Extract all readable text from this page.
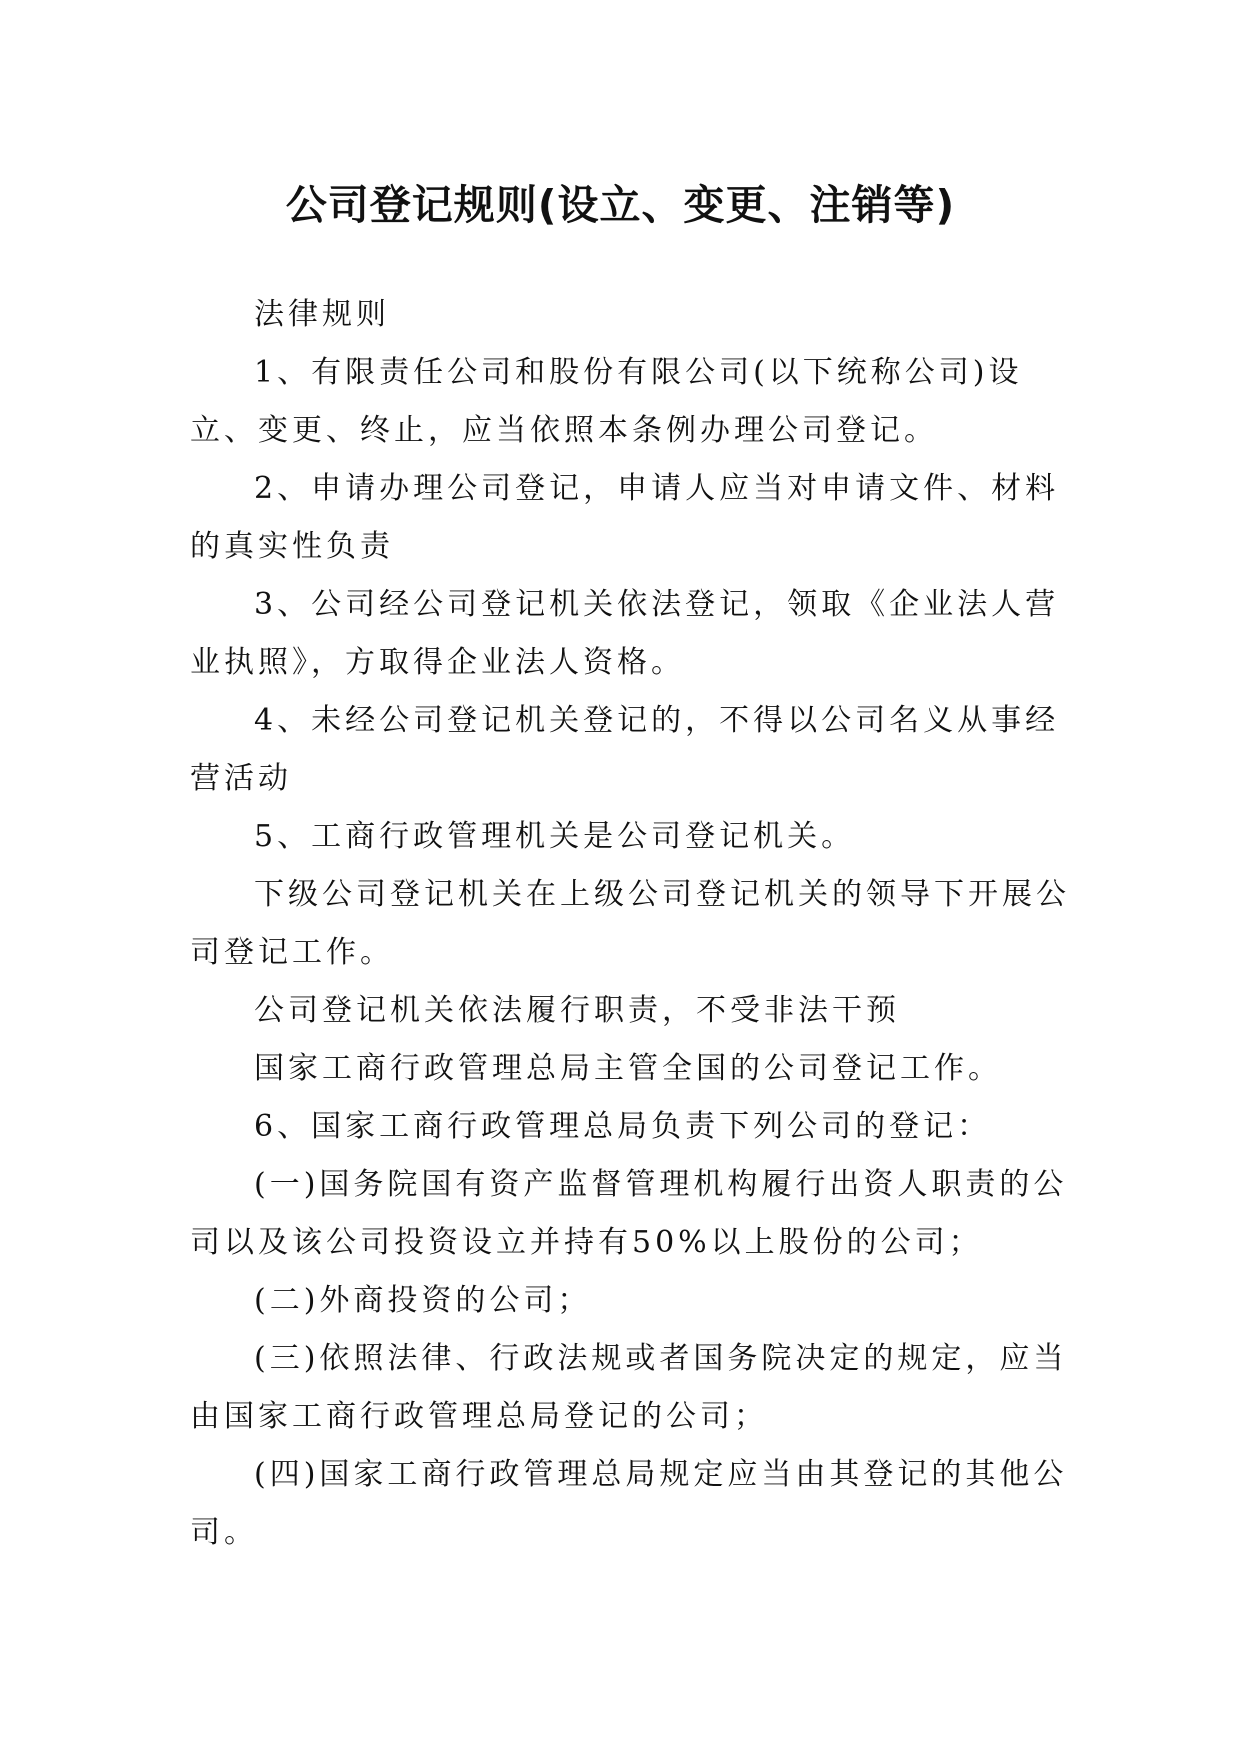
公司登记规则(设立、变更、注销等)

法律规则

1、有限责任公司和股份有限公司(以下统称公司)设立、变更、终止，应当依照本条例办理公司登记。

2、申请办理公司登记，申请人应当对申请文件、材料的真实性负责

3、公司经公司登记机关依法登记，领取《企业法人营业执照》，方取得企业法人资格。

4、未经公司登记机关登记的，不得以公司名义从事经营活动

5、工商行政管理机关是公司登记机关。

下级公司登记机关在上级公司登记机关的领导下开展公司登记工作。

公司登记机关依法履行职责，不受非法干预

国家工商行政管理总局主管全国的公司登记工作。

6、国家工商行政管理总局负责下列公司的登记：

(一)国务院国有资产监督管理机构履行出资人职责的公司以及该公司投资设立并持有50%以上股份的公司；

(二)外商投资的公司；

(三)依照法律、行政法规或者国务院决定的规定，应当由国家工商行政管理总局登记的公司；

(四)国家工商行政管理总局规定应当由其登记的其他公司。
